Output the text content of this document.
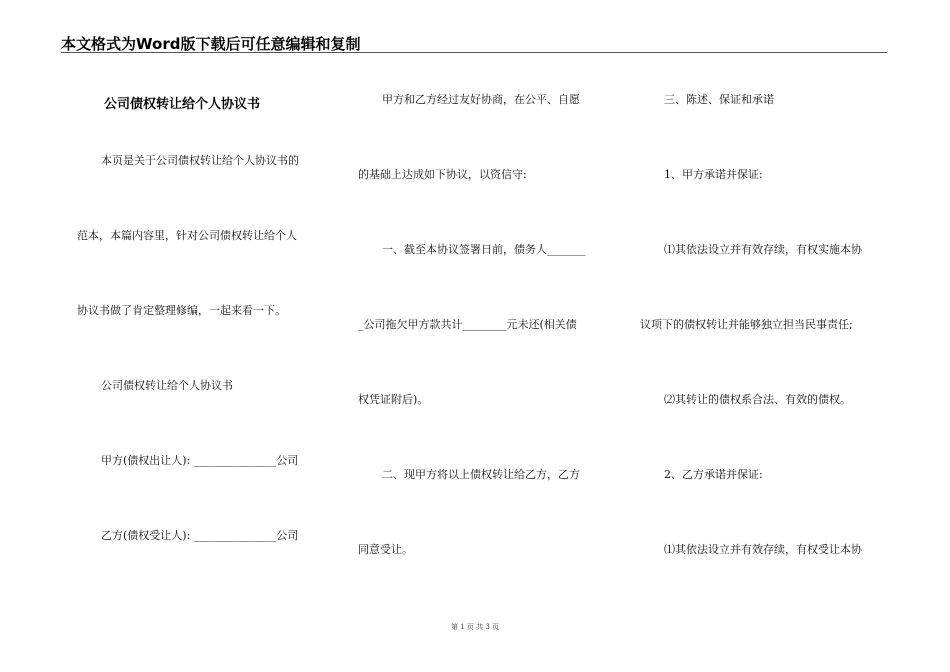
本文格式为Word版下载后可任意编辑和复制
公司债权转让给个人协议书
本页是关于公司债权转让给个人协议书的
范本，本篇内容里，针对公司债权转让给个人
协议书做了肯定整理修编，一起来看一下。
公司债权转让给个人协议书
甲方(债权出让人): _______________公司
乙方(债权受让人): _______________公司
甲方和乙方经过友好协商，在公平、自愿
的基础上达成如下协议，以资信守:
一、截至本协议签署日前，债务人_______
_公司拖欠甲方款共计________元未还(相关债
权凭证附后)。
二、现甲方将以上债权转让给乙方，乙方
同意受让。
三、陈述、保证和承诺
1、甲方承诺并保证:
⑴其依法设立并有效存续，有权实施本协
议项下的债权转让并能够独立担当民事责任;
⑵其转让的债权系合法、有效的债权。
2、乙方承诺并保证:
⑴其依法设立并有效存续，有权受让本协
第 1 页 共 3 页
